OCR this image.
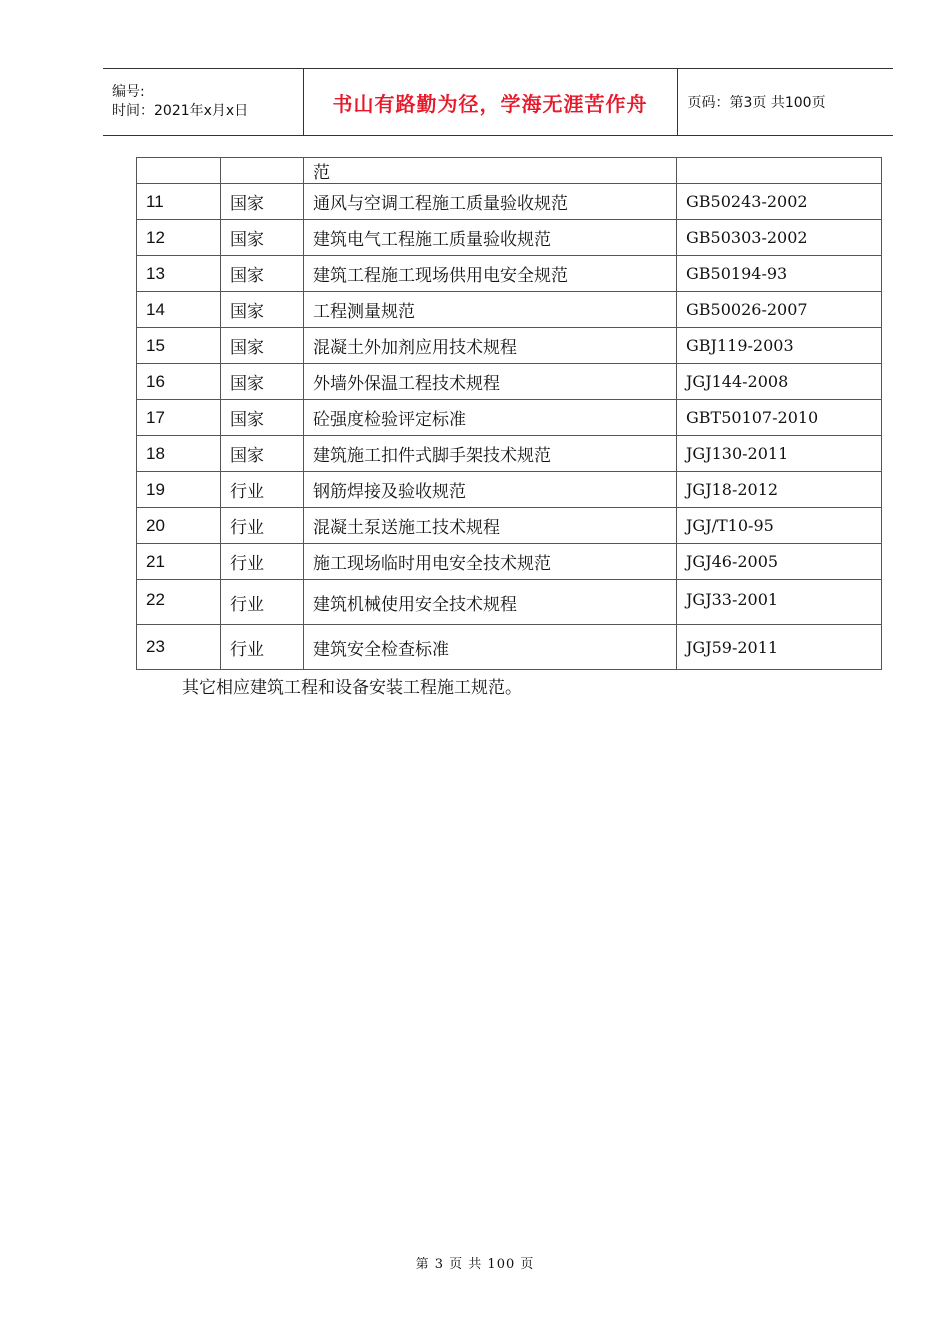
编号:
时间：2021年x月x日	书山有路勤为径，学海无涯苦作舟	页码：第3页 共100页
		范	
11	国家	通风与空调工程施工质量验收规范	GB50243-2002
12	国家	建筑电气工程施工质量验收规范	GB50303-2002
13	国家	建筑工程施工现场供用电安全规范	GB50194-93
14	国家	工程测量规范	GB50026-2007
15	国家	混凝土外加剂应用技术规程	GBJ119-2003
16	国家	外墙外保温工程技术规程	JGJ144-2008
17	国家	砼强度检验评定标准	GBT50107-2010
18	国家	建筑施工扣件式脚手架技术规范	JGJ130-2011
19	行业	钢筋焊接及验收规范	JGJ18-2012
20	行业	混凝土泵送施工技术规程	JGJ/T10-95
21	行业	施工现场临时用电安全技术规范	JGJ46-2005
22	行业	建筑机械使用安全技术规程	JGJ33-2001
23	行业	建筑安全检查标准	JGJ59-2011
其它相应建筑工程和设备安装工程施工规范。
第 3 页 共 100 页
